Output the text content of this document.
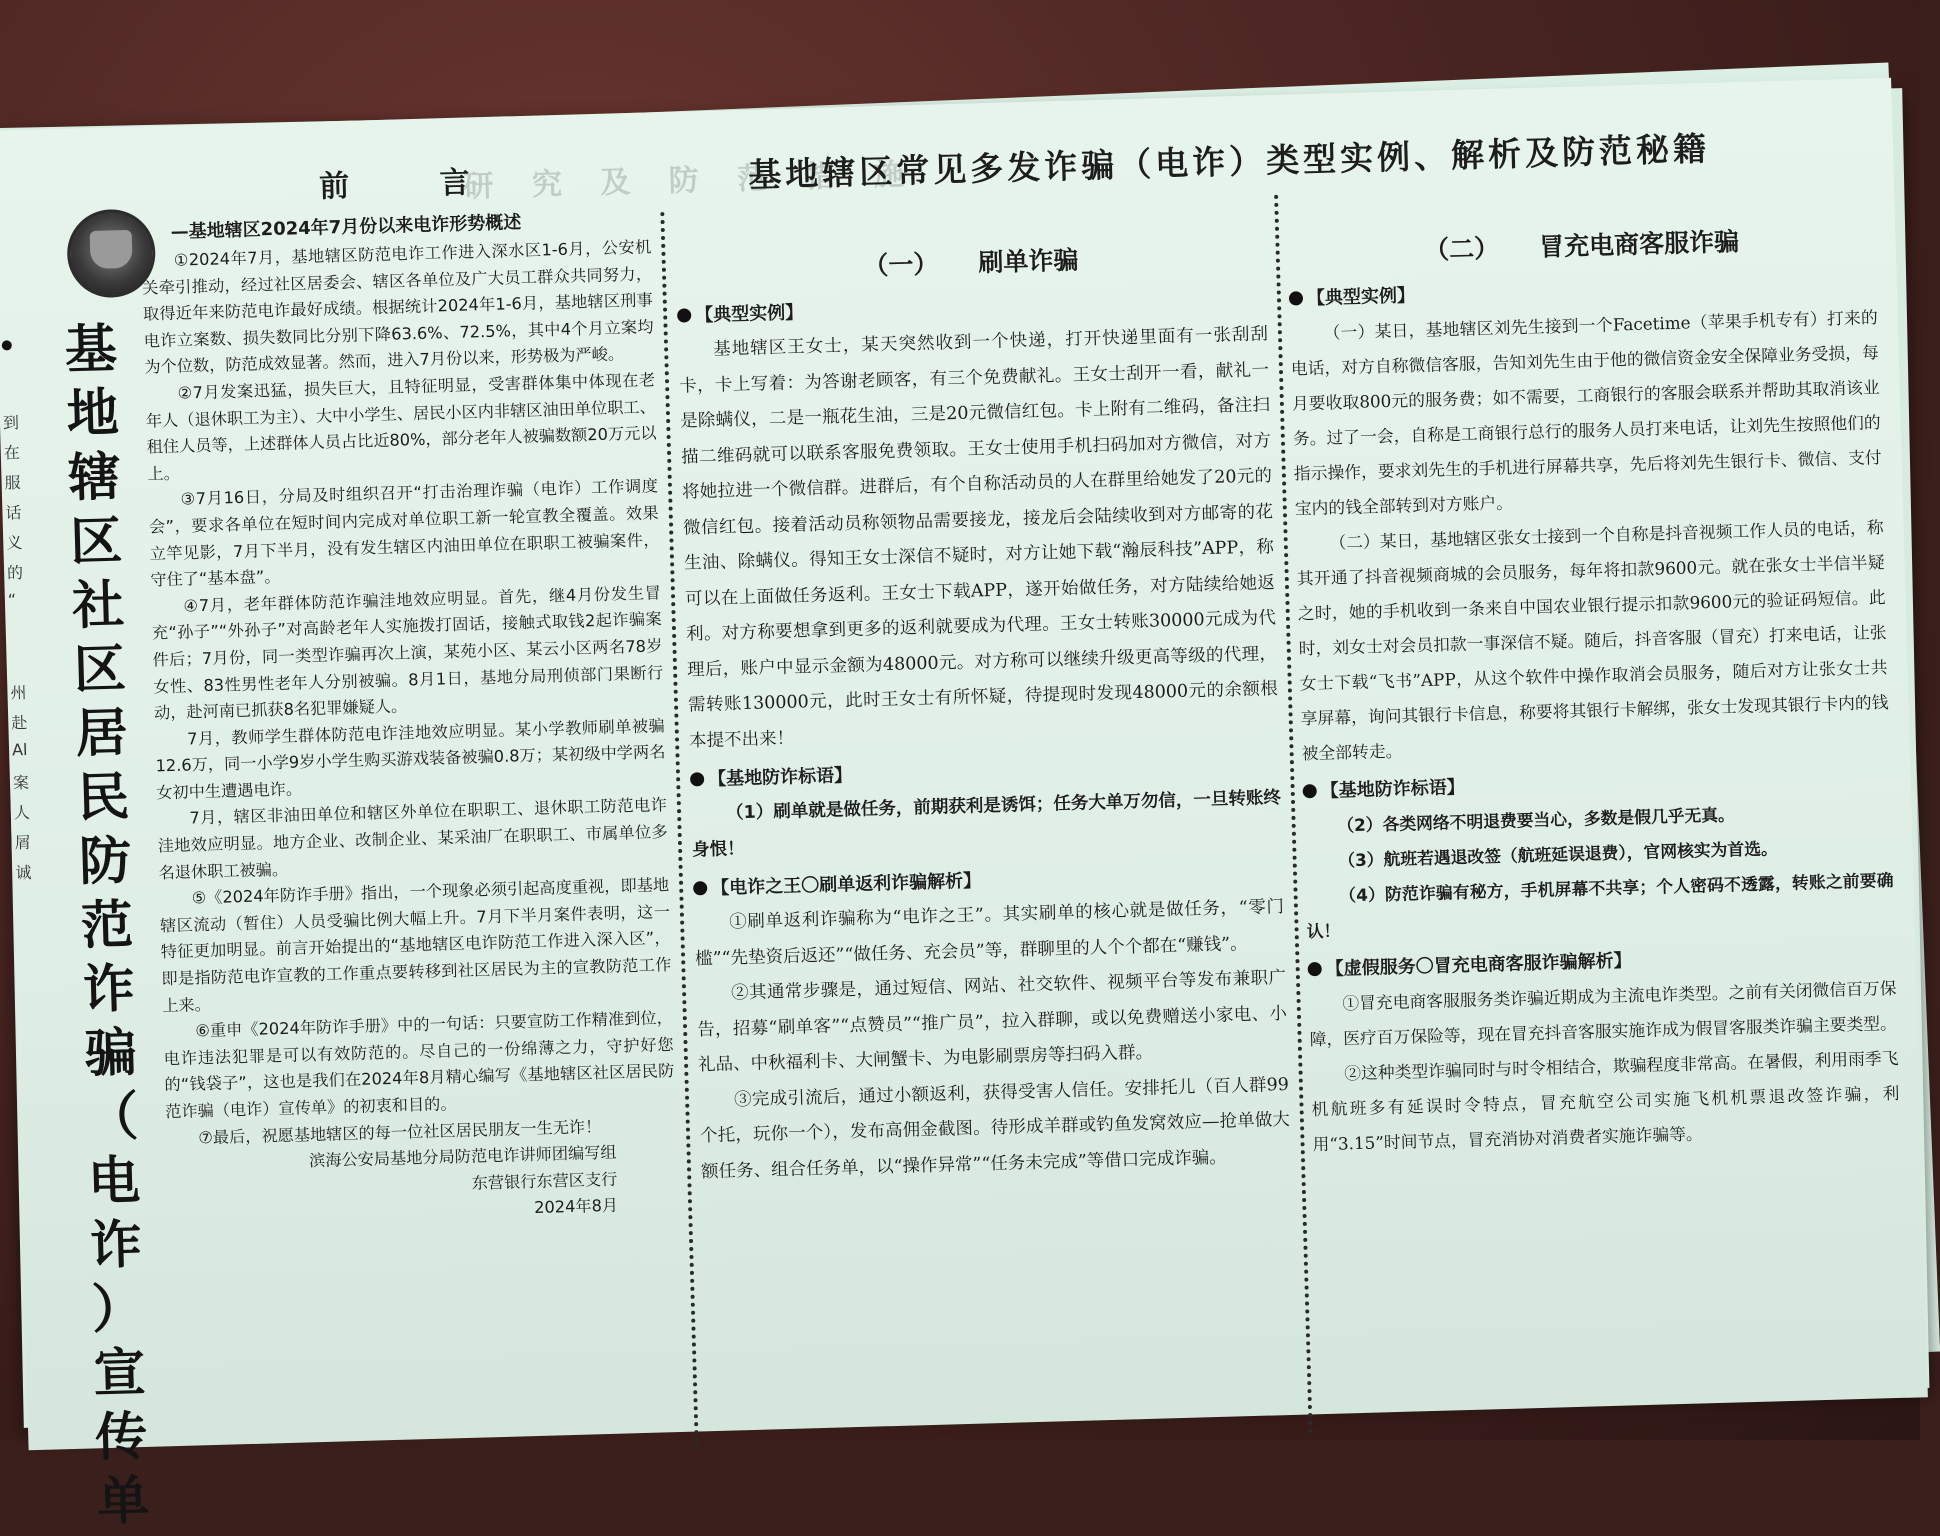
到
在
服
话
义
的
“
州
赴
Al
案
人
屑
诚
研 究 及 防 范 措 施
基
地
辖
区
社
区
居
民
防
范
诈
骗
（
电
诈
）
宣
传
单
前 言
—基地辖区2024年7月份以来电诈形势概述

①2024年7月，基地辖区防范电诈工作进入深水区1-6月，公安机关牵引推动，经过社区居委会、辖区各单位及广大员工群众共同努力，取得近年来防范电诈最好成绩。根据统计2024年1-6月，基地辖区刑事电诈立案数、损失数同比分别下降63.6%、72.5%，其中4个月立案均为个位数，防范成效显著。然而，进入7月份以来，形势极为严峻。

②7月发案迅猛，损失巨大，且特征明显，受害群体集中体现在老年人（退休职工为主）、大中小学生、居民小区内非辖区油田单位职工、租住人员等，上述群体人员占比近80%，部分老年人被骗数额20万元以上。

③7月16日，分局及时组织召开“打击治理诈骗（电诈）工作调度会”，要求各单位在短时间内完成对单位职工新一轮宣教全覆盖。效果立竿见影，7月下半月，没有发生辖区内油田单位在职职工被骗案件，守住了“基本盘”。

④7月，老年群体防范诈骗洼地效应明显。首先，继4月份发生冒充“孙子”“外孙子”对高龄老年人实施拨打固话，接触式取钱2起诈骗案件后；7月份，同一类型诈骗再次上演，某苑小区、某云小区两名78岁女性、83性男性老年人分别被骗。8月1日，基地分局刑侦部门果断行动，赴河南已抓获8名犯罪嫌疑人。

7月，教师学生群体防范电诈洼地效应明显。某小学教师刷单被骗12.6万，同一小学9岁小学生购买游戏装备被骗0.8万；某初级中学两名女初中生遭遇电诈。

7月，辖区非油田单位和辖区外单位在职职工、退休职工防范电诈洼地效应明显。地方企业、改制企业、某采油厂在职职工、市属单位多名退休职工被骗。

⑤《2024年防诈手册》指出，一个现象必须引起高度重视，即基地辖区流动（暂住）人员受骗比例大幅上升。7月下半月案件表明，这一特征更加明显。前言开始提出的“基地辖区电诈防范工作进入深入区”，即是指防范电诈宣教的工作重点要转移到社区居民为主的宣教防范工作上来。

⑥重申《2024年防诈手册》中的一句话：只要宣防工作精准到位，电诈违法犯罪是可以有效防范的。尽自己的一份绵薄之力，守护好您的“钱袋子”，这也是我们在2024年8月精心编写《基地辖区社区居民防范诈骗（电诈）宣传单》的初衷和目的。

⑦最后，祝愿基地辖区的每一位社区居民朋友一生无诈！

滨海公安局基地分局防范电诈讲师团编写组

东营银行东营区支行

2024年8月

基地辖区常见多发诈骗（电诈）类型实例、解析及防范秘籍
（一） 刷单诈骗
【典型实例】

基地辖区王女士，某天突然收到一个快递，打开快递里面有一张刮刮卡，卡上写着：为答谢老顾客，有三个免费献礼。王女士刮开一看，献礼一是除螨仪，二是一瓶花生油，三是20元微信红包。卡上附有二维码，备注扫描二维码就可以联系客服免费领取。王女士使用手机扫码加对方微信，对方将她拉进一个微信群。进群后，有个自称活动员的人在群里给她发了20元的微信红包。接着活动员称领物品需要接龙，接龙后会陆续收到对方邮寄的花生油、除螨仪。得知王女士深信不疑时，对方让她下载“瀚辰科技”APP，称可以在上面做任务返利。王女士下载APP，遂开始做任务，对方陆续给她返利。对方称要想拿到更多的返利就要成为代理。王女士转账30000元成为代理后，账户中显示金额为48000元。对方称可以继续升级更高等级的代理，需转账130000元，此时王女士有所怀疑，待提现时发现48000元的余额根本提不出来！

【基地防诈标语】

（1）刷单就是做任务，前期获利是诱饵；任务大单万勿信，一旦转账终身恨！

【电诈之王〇刷单返利诈骗解析】

①刷单返利诈骗称为“电诈之王”。其实刷单的核心就是做任务，“零门槛”“先垫资后返还”“做任务、充会员”等，群聊里的人个个都在“赚钱”。

②其通常步骤是，通过短信、网站、社交软件、视频平台等发布兼职广告，招募“刷单客”“点赞员”“推广员”，拉入群聊，或以免费赠送小家电、小礼品、中秋福利卡、大闸蟹卡、为电影刷票房等扫码入群。

③完成引流后，通过小额返利，获得受害人信任。安排托儿（百人群99个托，玩你一个），发布高佣金截图。待形成羊群或钓鱼发窝效应—抢单做大额任务、组合任务单，以“操作异常”“任务未完成”等借口完成诈骗。

（二） 冒充电商客服诈骗
【典型实例】

（一）某日，基地辖区刘先生接到一个Facetime（苹果手机专有）打来的电话，对方自称微信客服，告知刘先生由于他的微信资金安全保障业务受损，每月要收取800元的服务费；如不需要，工商银行的客服会联系并帮助其取消该业务。过了一会，自称是工商银行总行的服务人员打来电话，让刘先生按照他们的指示操作，要求刘先生的手机进行屏幕共享，先后将刘先生银行卡、微信、支付宝内的钱全部转到对方账户。

（二）某日，基地辖区张女士接到一个自称是抖音视频工作人员的电话，称其开通了抖音视频商城的会员服务，每年将扣款9600元。就在张女士半信半疑之时，她的手机收到一条来自中国农业银行提示扣款9600元的验证码短信。此时，刘女士对会员扣款一事深信不疑。随后，抖音客服（冒充）打来电话，让张女士下载“飞书”APP，从这个软件中操作取消会员服务，随后对方让张女士共享屏幕，询问其银行卡信息，称要将其银行卡解绑，张女士发现其银行卡内的钱被全部转走。

【基地防诈标语】

（2）各类网络不明退费要当心，多数是假几乎无真。

（3）航班若遇退改签（航班延误退费），官网核实为首选。

（4）防范诈骗有秘方，手机屏幕不共享；个人密码不透露，转账之前要确认！

【虚假服务〇冒充电商客服诈骗解析】

①冒充电商客服服务类诈骗近期成为主流电诈类型。之前有关闭微信百万保障，医疗百万保险等，现在冒充抖音客服实施诈成为假冒客服类诈骗主要类型。

②这种类型诈骗同时与时令相结合，欺骗程度非常高。在暑假，利用雨季飞机航班多有延误时令特点，冒充航空公司实施飞机机票退改签诈骗，利用“3.15”时间节点，冒充消协对消费者实施诈骗等。
